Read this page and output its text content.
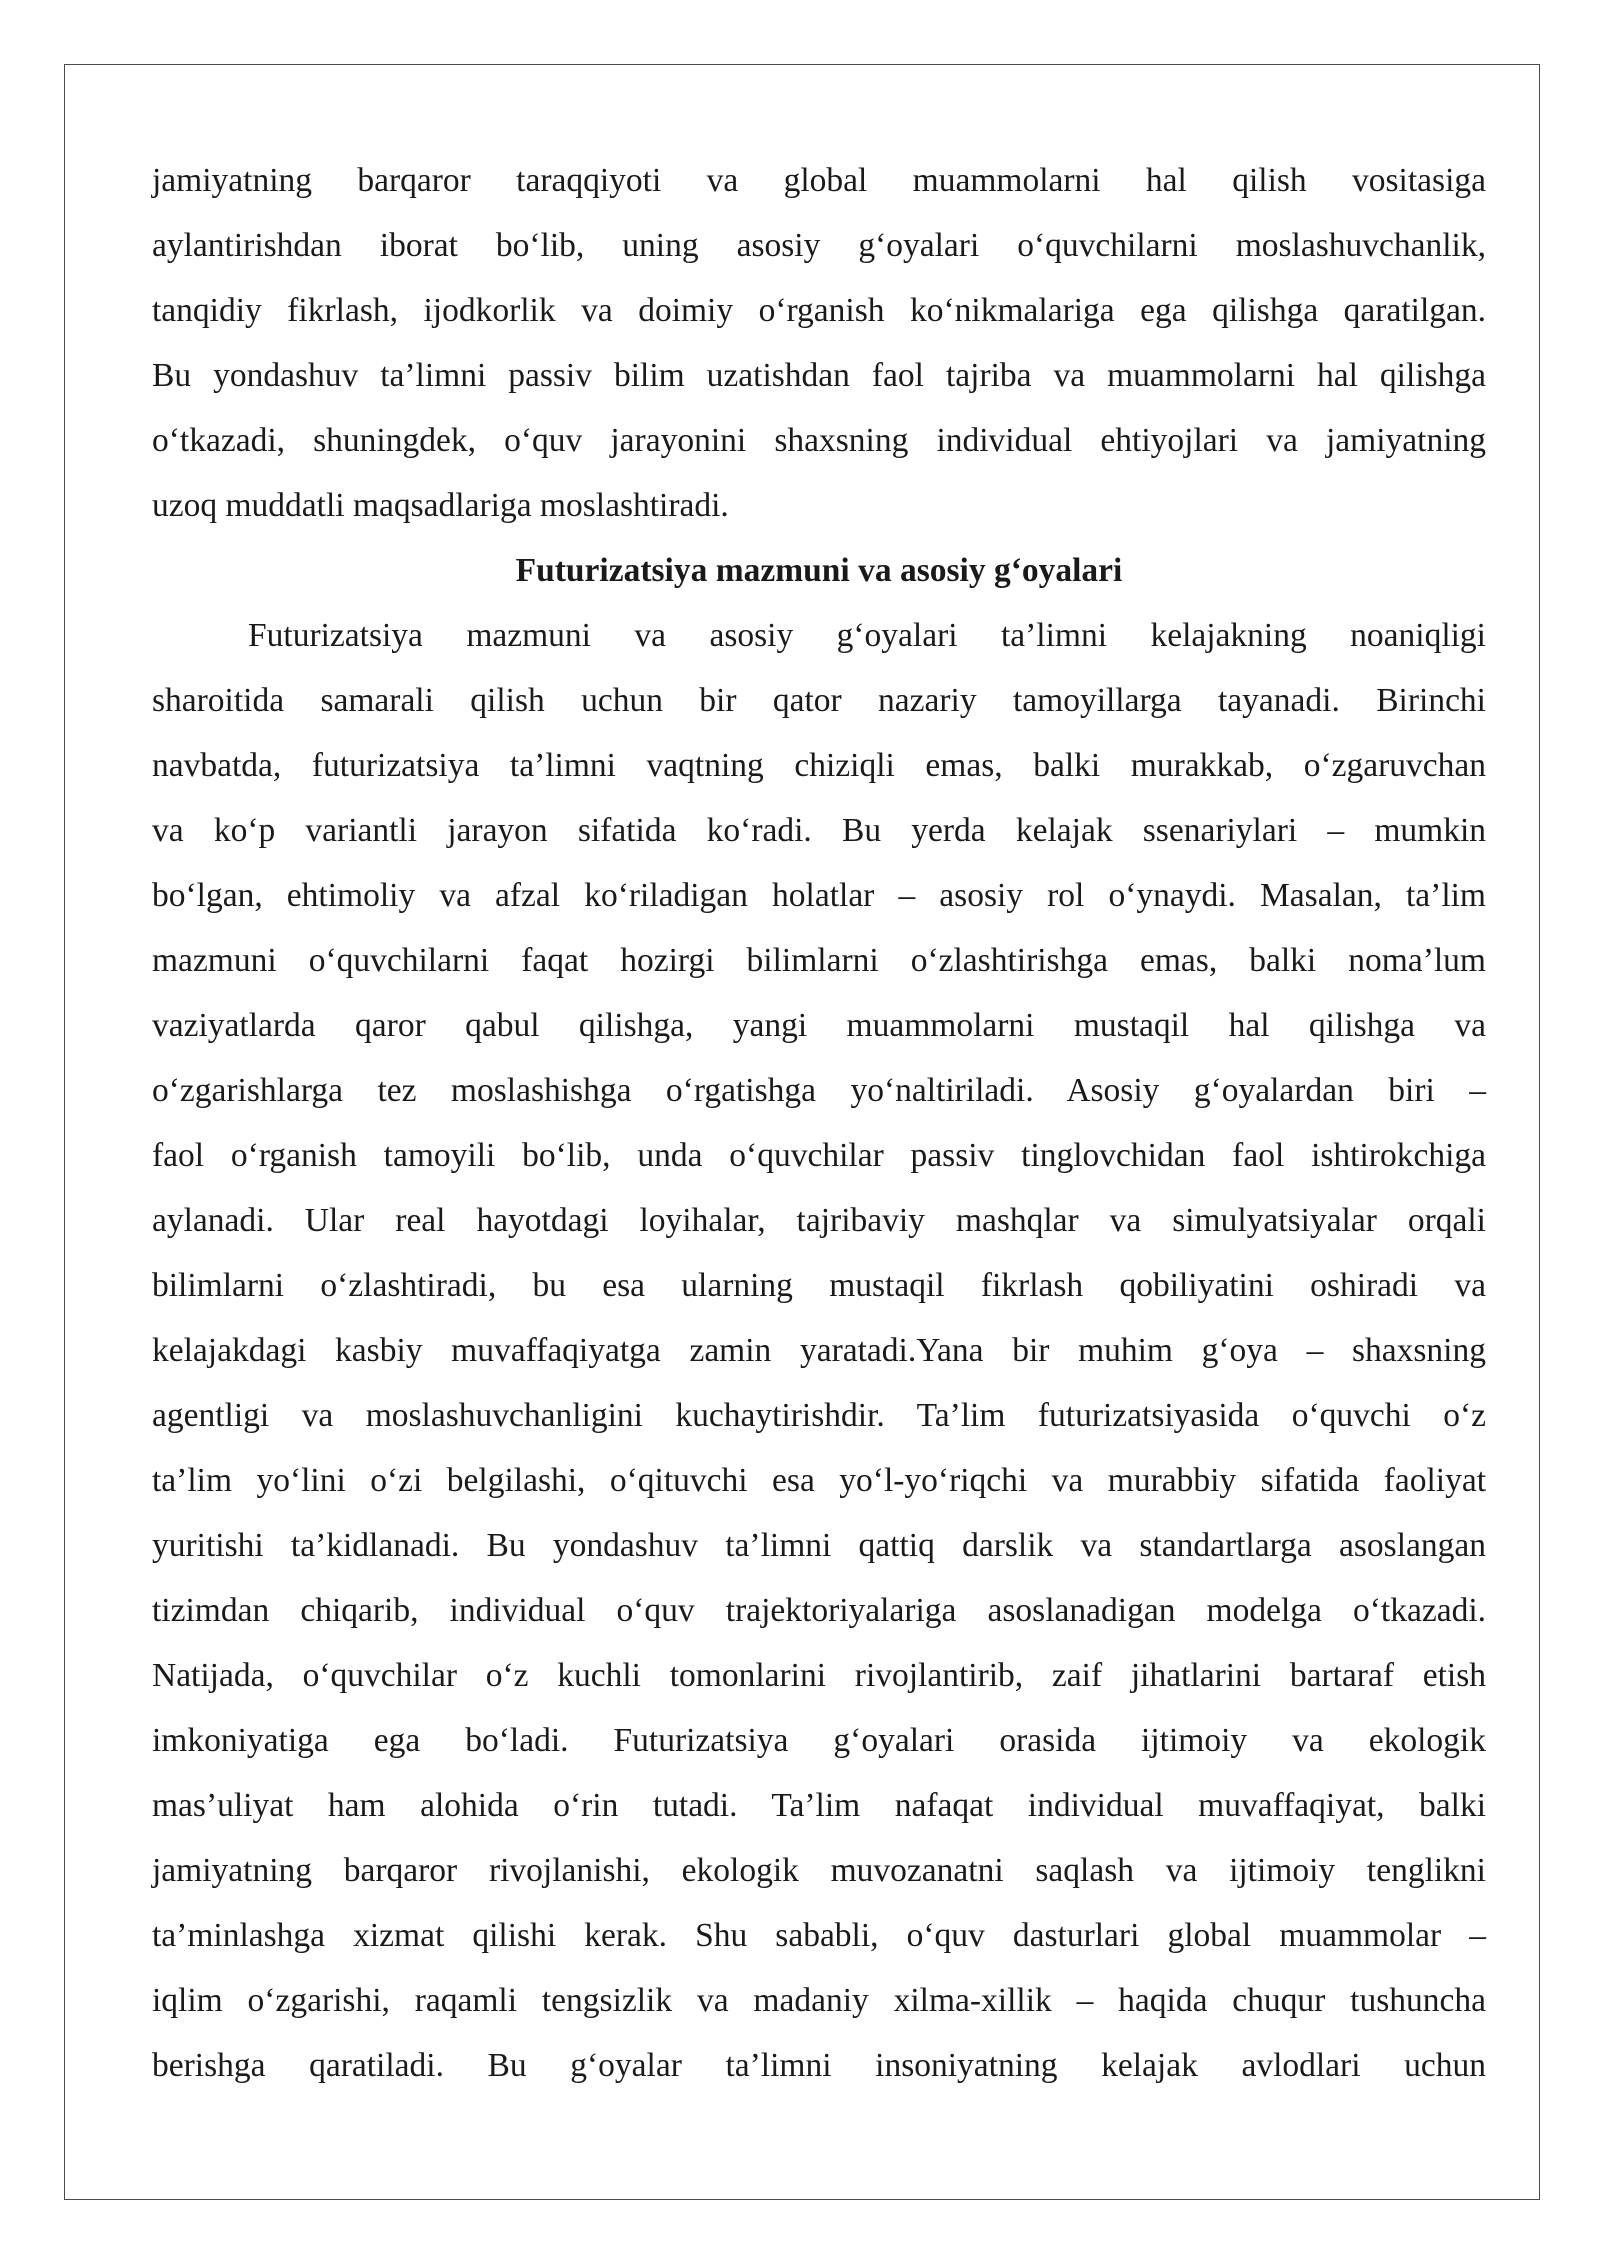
jamiyatning barqaror taraqqiyoti va global muammolarni hal qilish vositasiga
aylantirishdan iborat bo‘lib, uning asosiy g‘oyalari o‘quvchilarni moslashuvchanlik,
tanqidiy fikrlash, ijodkorlik va doimiy o‘rganish ko‘nikmalariga ega qilishga qaratilgan.
Bu yondashuv ta’limni passiv bilim uzatishdan faol tajriba va muammolarni hal qilishga
o‘tkazadi, shuningdek, o‘quv jarayonini shaxsning individual ehtiyojlari va jamiyatning
uzoq muddatli maqsadlariga moslashtiradi.
Futurizatsiya mazmuni va asosiy g‘oyalari
Futurizatsiya mazmuni va asosiy g‘oyalari ta’limni kelajakning noaniqligi
sharoitida samarali qilish uchun bir qator nazariy tamoyillarga tayanadi. Birinchi
navbatda, futurizatsiya ta’limni vaqtning chiziqli emas, balki murakkab, o‘zgaruvchan
va ko‘p variantli jarayon sifatida ko‘radi. Bu yerda kelajak ssenariylari – mumkin
bo‘lgan, ehtimoliy va afzal ko‘riladigan holatlar – asosiy rol o‘ynaydi. Masalan, ta’lim
mazmuni o‘quvchilarni faqat hozirgi bilimlarni o‘zlashtirishga emas, balki noma’lum
vaziyatlarda qaror qabul qilishga, yangi muammolarni mustaqil hal qilishga va
o‘zgarishlarga tez moslashishga o‘rgatishga yo‘naltiriladi. Asosiy g‘oyalardan biri –
faol o‘rganish tamoyili bo‘lib, unda o‘quvchilar passiv tinglovchidan faol ishtirokchiga
aylanadi. Ular real hayotdagi loyihalar, tajribaviy mashqlar va simulyatsiyalar orqali
bilimlarni o‘zlashtiradi, bu esa ularning mustaqil fikrlash qobiliyatini oshiradi va
kelajakdagi kasbiy muvaffaqiyatga zamin yaratadi.Yana bir muhim g‘oya – shaxsning
agentligi va moslashuvchanligini kuchaytirishdir. Ta’lim futurizatsiyasida o‘quvchi o‘z
ta’lim yo‘lini o‘zi belgilashi, o‘qituvchi esa yo‘l-yo‘riqchi va murabbiy sifatida faoliyat
yuritishi ta’kidlanadi. Bu yondashuv ta’limni qattiq darslik va standartlarga asoslangan
tizimdan chiqarib, individual o‘quv trajektoriyalariga asoslanadigan modelga o‘tkazadi.
Natijada, o‘quvchilar o‘z kuchli tomonlarini rivojlantirib, zaif jihatlarini bartaraf etish
imkoniyatiga ega bo‘ladi. Futurizatsiya g‘oyalari orasida ijtimoiy va ekologik
mas’uliyat ham alohida o‘rin tutadi. Ta’lim nafaqat individual muvaffaqiyat, balki
jamiyatning barqaror rivojlanishi, ekologik muvozanatni saqlash va ijtimoiy tenglikni
ta’minlashga xizmat qilishi kerak. Shu sababli, o‘quv dasturlari global muammolar –
iqlim o‘zgarishi, raqamli tengsizlik va madaniy xilma-xillik – haqida chuqur tushuncha
berishga qaratiladi. Bu g‘oyalar ta’limni insoniyatning kelajak avlodlari uchun
